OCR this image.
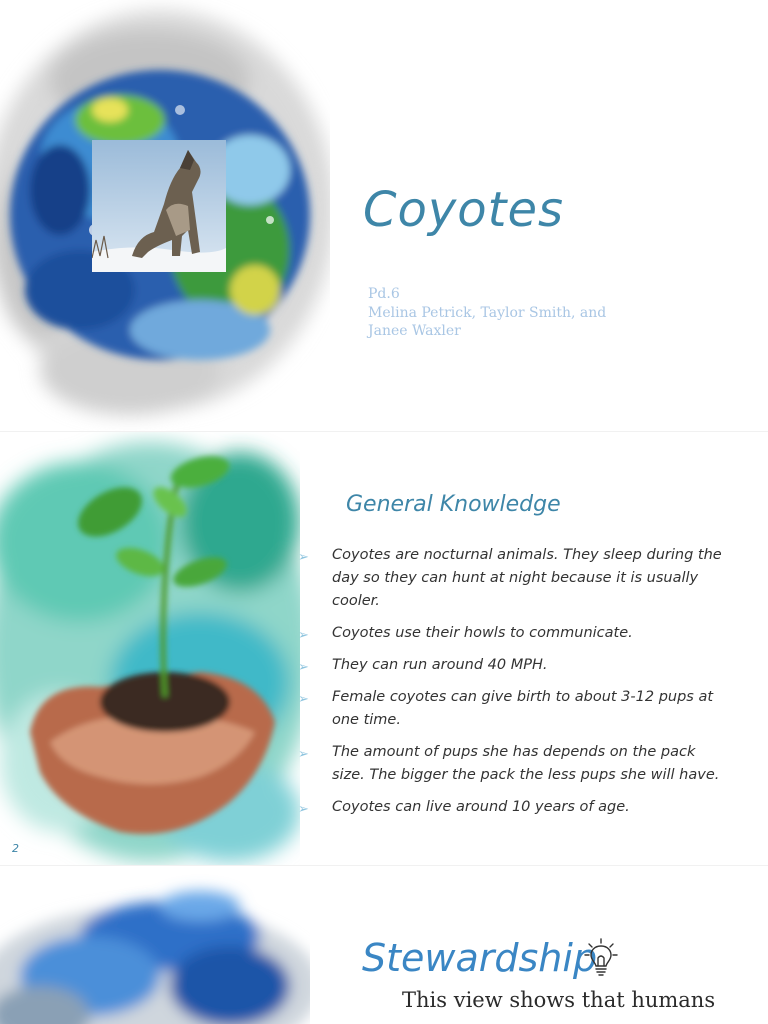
Coyotes
Pd.6
Melina Petrick, Taylor Smith, and
Janee Waxler
2
General Knowledge
➢ Coyotes are nocturnal animals. They sleep during the
day so they can hunt at night because it is usually
cooler.
➢ Coyotes use their howls to communicate.
➢ They can run around 40 MPH.
➢ Female coyotes can give birth to about 3-12 pups at
one time.
➢ The amount of pups she has depends on the pack
size. The bigger the pack the less pups she will have.
➢ Coyotes can live around 10 years of age.
Stewardship
This view shows that humans
